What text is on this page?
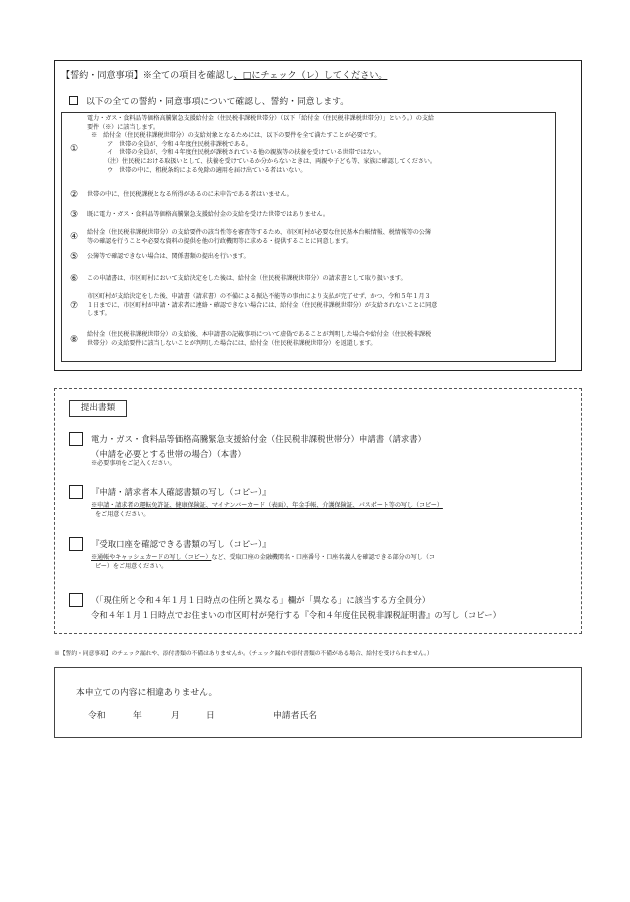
【誓約・同意事項】※全ての項目を確認し、□にチェック（レ）してください。
以下の全ての誓約・同意事項について確認し、誓約・同意します。
①
電力・ガス・食料品等価格高騰緊急支援給付金（住民税非課税世帯分）（以下「給付金（住民税非課税世帯分）」という。）の支給
要件（※）に該当します。
※　給付金（住民税非課税世帯分）の支給対象となるためには、以下の要件を全て満たすことが必要です。
　ア　世帯の全員が、令和４年度住民税非課税である。
　イ　世帯の全員が、令和４年度住民税が課税されている他の親族等の扶養を受けている世帯ではない。
　（注）住民税における取扱いとして、扶養を受けているか分からないときは、両親や子ども等、家族に確認してください。
　ウ　世帯の中に、租税条約による免除の適用を届け出ている者はいない。
②	世帯の中に、住民税課税となる所得があるのに未申告である者はいません。
③	既に電力・ガス・食料品等価格高騰緊急支援給付金の支給を受けた世帯ではありません。
④	給付金（住民税非課税世帯分）の支給要件の該当性等を審査等するため、市区町村が必要な住民基本台帳情報、税情報等の公簿
等の確認を行うことや必要な資料の提供を他の行政機関等に求める・提供することに同意します。
⑤	公簿等で確認できない場合は、関係書類の提出を行います。
⑥	この申請書は、市区町村において支給決定をした後は、給付金（住民税非課税世帯分）の請求書として取り扱います。
⑦
市区町村が支給決定をした後、申請書（請求書）の不備による振込不能等の事由により支払が完了せず、かつ、令和５年１月３
１日までに、市区町村が申請・請求者に連絡・確認できない場合には、給付金（住民税非課税世帯分）が支給されないことに同意
します。
⑧
給付金（住民税非課税世帯分）の支給後、本申請書の記載事項について虚偽であることが判明した場合や給付金（住民税非課税
世帯分）の支給要件に該当しないことが判明した場合には、給付金（住民税非課税世帯分）を返還します。
提出書類
電力・ガス・食料品等価格高騰緊急支援給付金（住民税非課税世帯分）申請書（請求書）
（申請を必要とする世帯の場合）（本書）
※必要事項をご記入ください。
『申請・請求者本人確認書類の写し（コピー）』
※申請・請求者の運転免許証、健康保険証、マイナンバーカード（表面）、年金手帳、介護保険証、パスポート等の写し（コピー）
をご用意ください。
『受取口座を確認できる書類の写し（コピー）』
※通帳やキャッシュカードの写し（コピー）など、受取口座の金融機関名・口座番号・口座名義人を確認できる部分の写し（コ
ピー）をご用意ください。
（「現住所と令和４年１月１日時点の住所と異なる」欄が「異なる」に該当する方全員分）
令和４年１月１日時点でお住まいの市区町村が発行する『令和４年度住民税非課税証明書』の写し（コピー）
※【誓約・同意事項】のチェック漏れや、添付書類の不備はありませんか。（チェック漏れや添付書類の不備がある場合、給付を受けられません。）
本申立ての内容に相違ありません。
令和	年	月	日	申請者氏名
